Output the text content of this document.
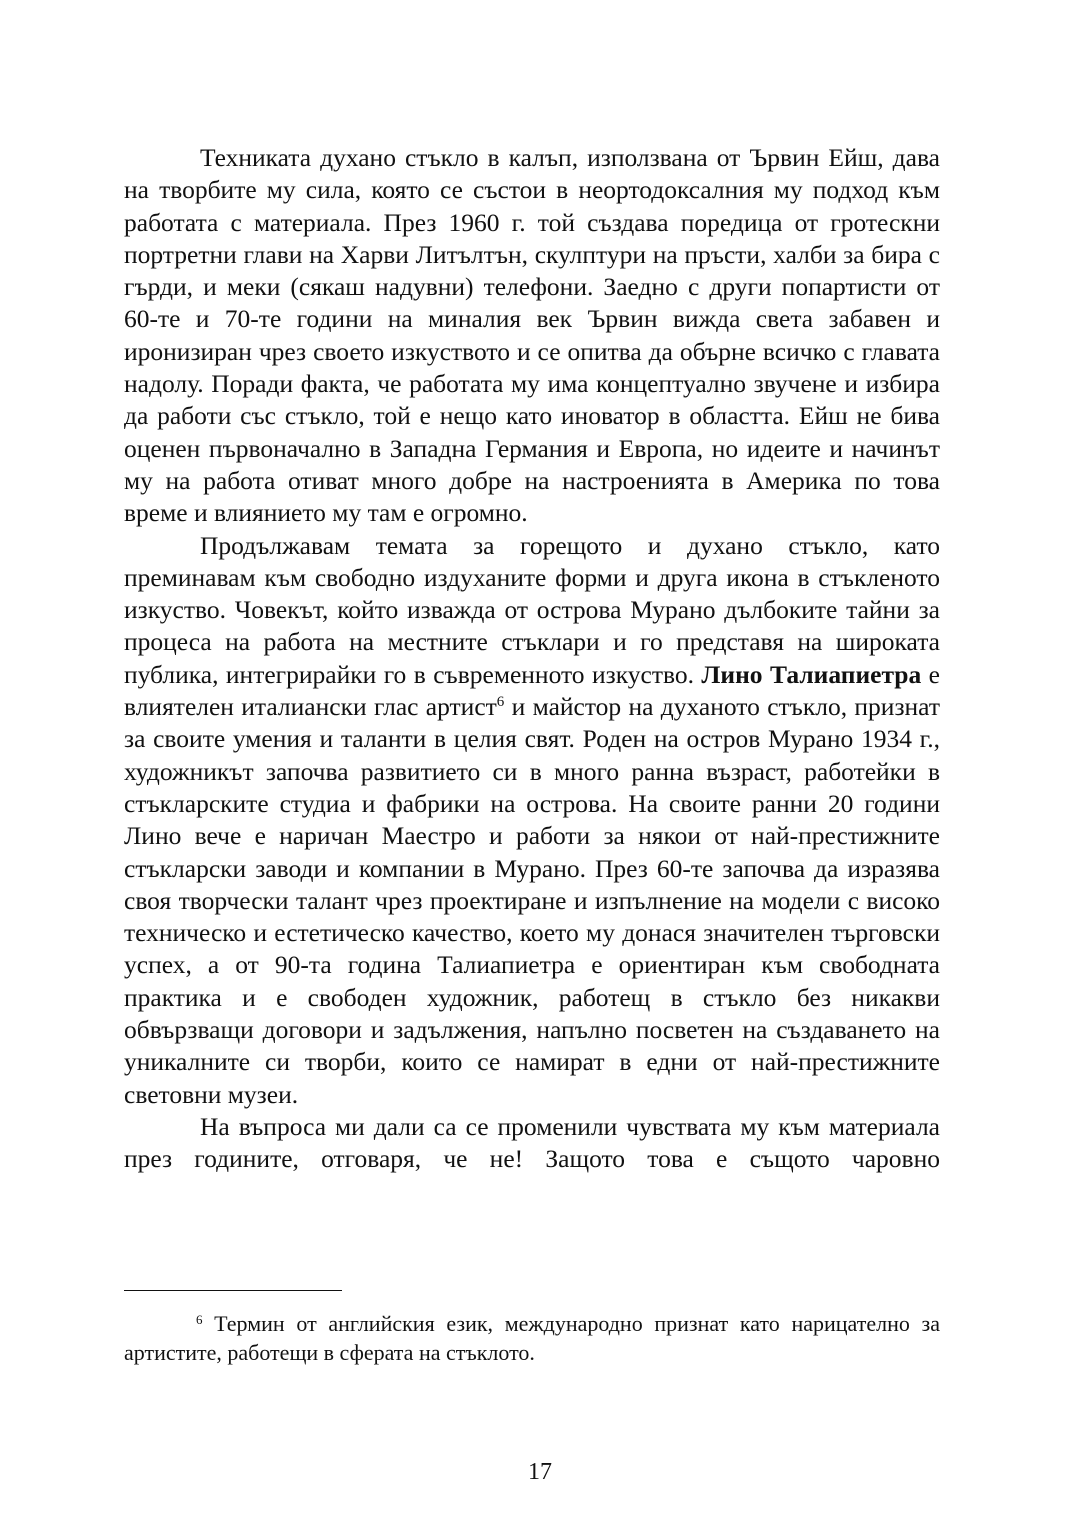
Техниката духано стъкло в калъп, използвана от Ървин Ейш, дава на творбите му сила, която се състои в неортодоксалния му подход към работата с материала. През 1960 г. той създава поредица от гротескни портретни глави на Харви Литълтън, скулптури на пръсти, халби за бира с гърди, и меки (сякаш надувни) телефони. Заедно с други попартисти от 60-те и 70-те години на миналия век Ървин вижда света забавен и иронизиран чрез своето изкуството и се опитва да обърне всичко с главата надолу. Поради факта, че работата му има концептуално звучене и избира да работи със стъкло, той е нещо като иноватор в областта. Ейш не бива оценен първоначално в Западна Германия и Европа, но идеите и начинът му на работа отиват много добре на настроенията в Америка по това време и влиянието му там е огромно.

Продължавам темата за горещото и духано стъкло, като преминавам към свободно издуханите форми и друга икона в стъкленото изкуство. Човекът, който изважда от острова Мурано дълбоките тайни за процеса на работа на местните стъклари и го представя на широката публика, интегрирайки го в съвременното изкуство. Лино Талиапиетра е влиятелен италиански глас артист$^6$ и майстор на духаното стъкло, признат за своите умения и таланти в целия свят. Роден на остров Мурано 1934 г., художникът започва развитието си в много ранна възраст, работейки в стъкларските студиа и фабрики на острова. На своите ранни 20 години Лино вече е наричан Маестро и работи за някои от най-престижните стъкларски заводи и компании в Мурано. През 60-те започва да изразява своя творчески талант чрез проектиране и изпълнение на модели с високо техническо и естетическо качество, което му донася значителен търговски успех, а от 90-та година Талиапиетра е ориентиран към свободната практика и е свободен художник, работещ в стъкло без никакви обвързващи договори и задължения, напълно посветен на създаването на уникалните си творби, които се намират в едни от най-престижните световни музеи.

На въпроса ми дали са се променили чувствата му към материала през годините, отговаря, че не! Защото това е същото чаровно

$^6$ Термин от английския език, международно признат като нарицателно за артистите, работещи в сферата на стъклото.

17
